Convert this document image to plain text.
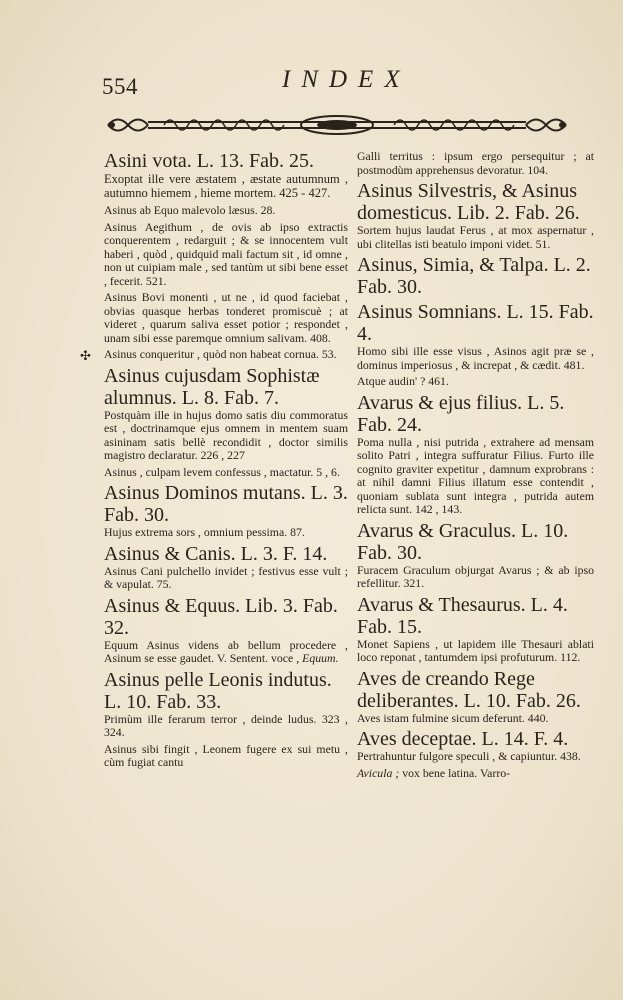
554	INDEX
Asini vota. L. 13. Fab. 25.
Exoptat ille vere æstatem , æstate autumnum , autumno hiemem , hieme mortem. 425 - 427.
Asinus ab Equo malevolo læsus. 28.
Asinus Aegithum , de ovis ab ipso extractis conquerentem , redarguit ; & se innocentem vult haberi , quòd , quidquid mali factum sit , id omne , non ut cuipiam male , sed tantùm ut sibi bene esset , fecerit. 521.
Asinus Bovi monenti , ut ne , id quod faciebat , obvias quasque herbas tonderet promiscuè ; at videret , quarum saliva esset potior ; respondet , unam sibi esse paremque omnium salivam. 408.
✣ Asinus conqueritur , quòd non habeat cornua. 53.
Asinus cujusdam Sophistæ alumnus. L. 8. Fab. 7.
Postquàm ille in hujus domo satis diu commoratus est , doctrinamque ejus omnem in mentem suam asininam satis bellè recondidit , doctor similis magistro declaratur. 226 , 227
Asinus , culpam levem confessus , mactatur. 5 , 6.
Asinus Dominos mutans. L. 3. Fab. 30.
Hujus extrema sors , omnium pessima. 87.
Asinus & Canis. L. 3. F. 14.
Asinus Cani pulchello invidet ; festivus esse vult ; & vapulat. 75.
Asinus & Equus. Lib. 3. Fab. 32.
Equum Asinus videns ab bellum procedere , Asinum se esse gaudet. V. Sentent. voce , Equum.
Asinus pelle Leonis indutus. L. 10. Fab. 33.
Primùm ille ferarum terror , deinde ludus. 323 , 324.
Asinus sibi fingit , Leonem fugere ex sui metu , cùm fugiat cantu
Galli territus : ipsum ergo persequitur ; at postmodùm apprehensus devoratur. 104.
Asinus Silvestris, & Asinus domesticus. Lib. 2. Fab. 26.
Sortem hujus laudat Ferus , at mox aspernatur , ubi clitellas isti beatulo imponi videt. 51.
Asinus, Simia, & Talpa. L. 2. Fab. 30.
Asinus Somnians. L. 15. Fab. 4.
Homo sibi ille esse visus , Asinos agit præ se , dominus imperiosus , & increpat , & cædit. 481.
Atque audin' ? 461.
Avarus & ejus filius. L. 5. Fab. 24.
Poma nulla , nisi putrida , extrahere ad mensam solito Patri , integra suffuratur Filius. Furto ille cognito graviter expetitur , damnum exprobrans : at nihil damni Filius illatum esse contendit , quoniam sublata sunt integra , putrida autem relicta sunt. 142 , 143.
Avarus & Graculus. L. 10. Fab. 30.
Furacem Graculum objurgat Avarus ; & ab ipso refellitur. 321.
Avarus & Thesaurus. L. 4. Fab. 15.
Monet Sapiens , ut lapidem ille Thesauri ablati loco reponat , tantumdem ipsi profuturum. 112.
Aves de creando Rege deliberantes. L. 10. Fab. 26.
Aves istam fulmine sicum deferunt. 440.
Aves deceptae. L. 14. F. 4.
Pertrahuntur fulgore speculi , & capiuntur. 438.
Avicula ; vox bene latina. Varro-
